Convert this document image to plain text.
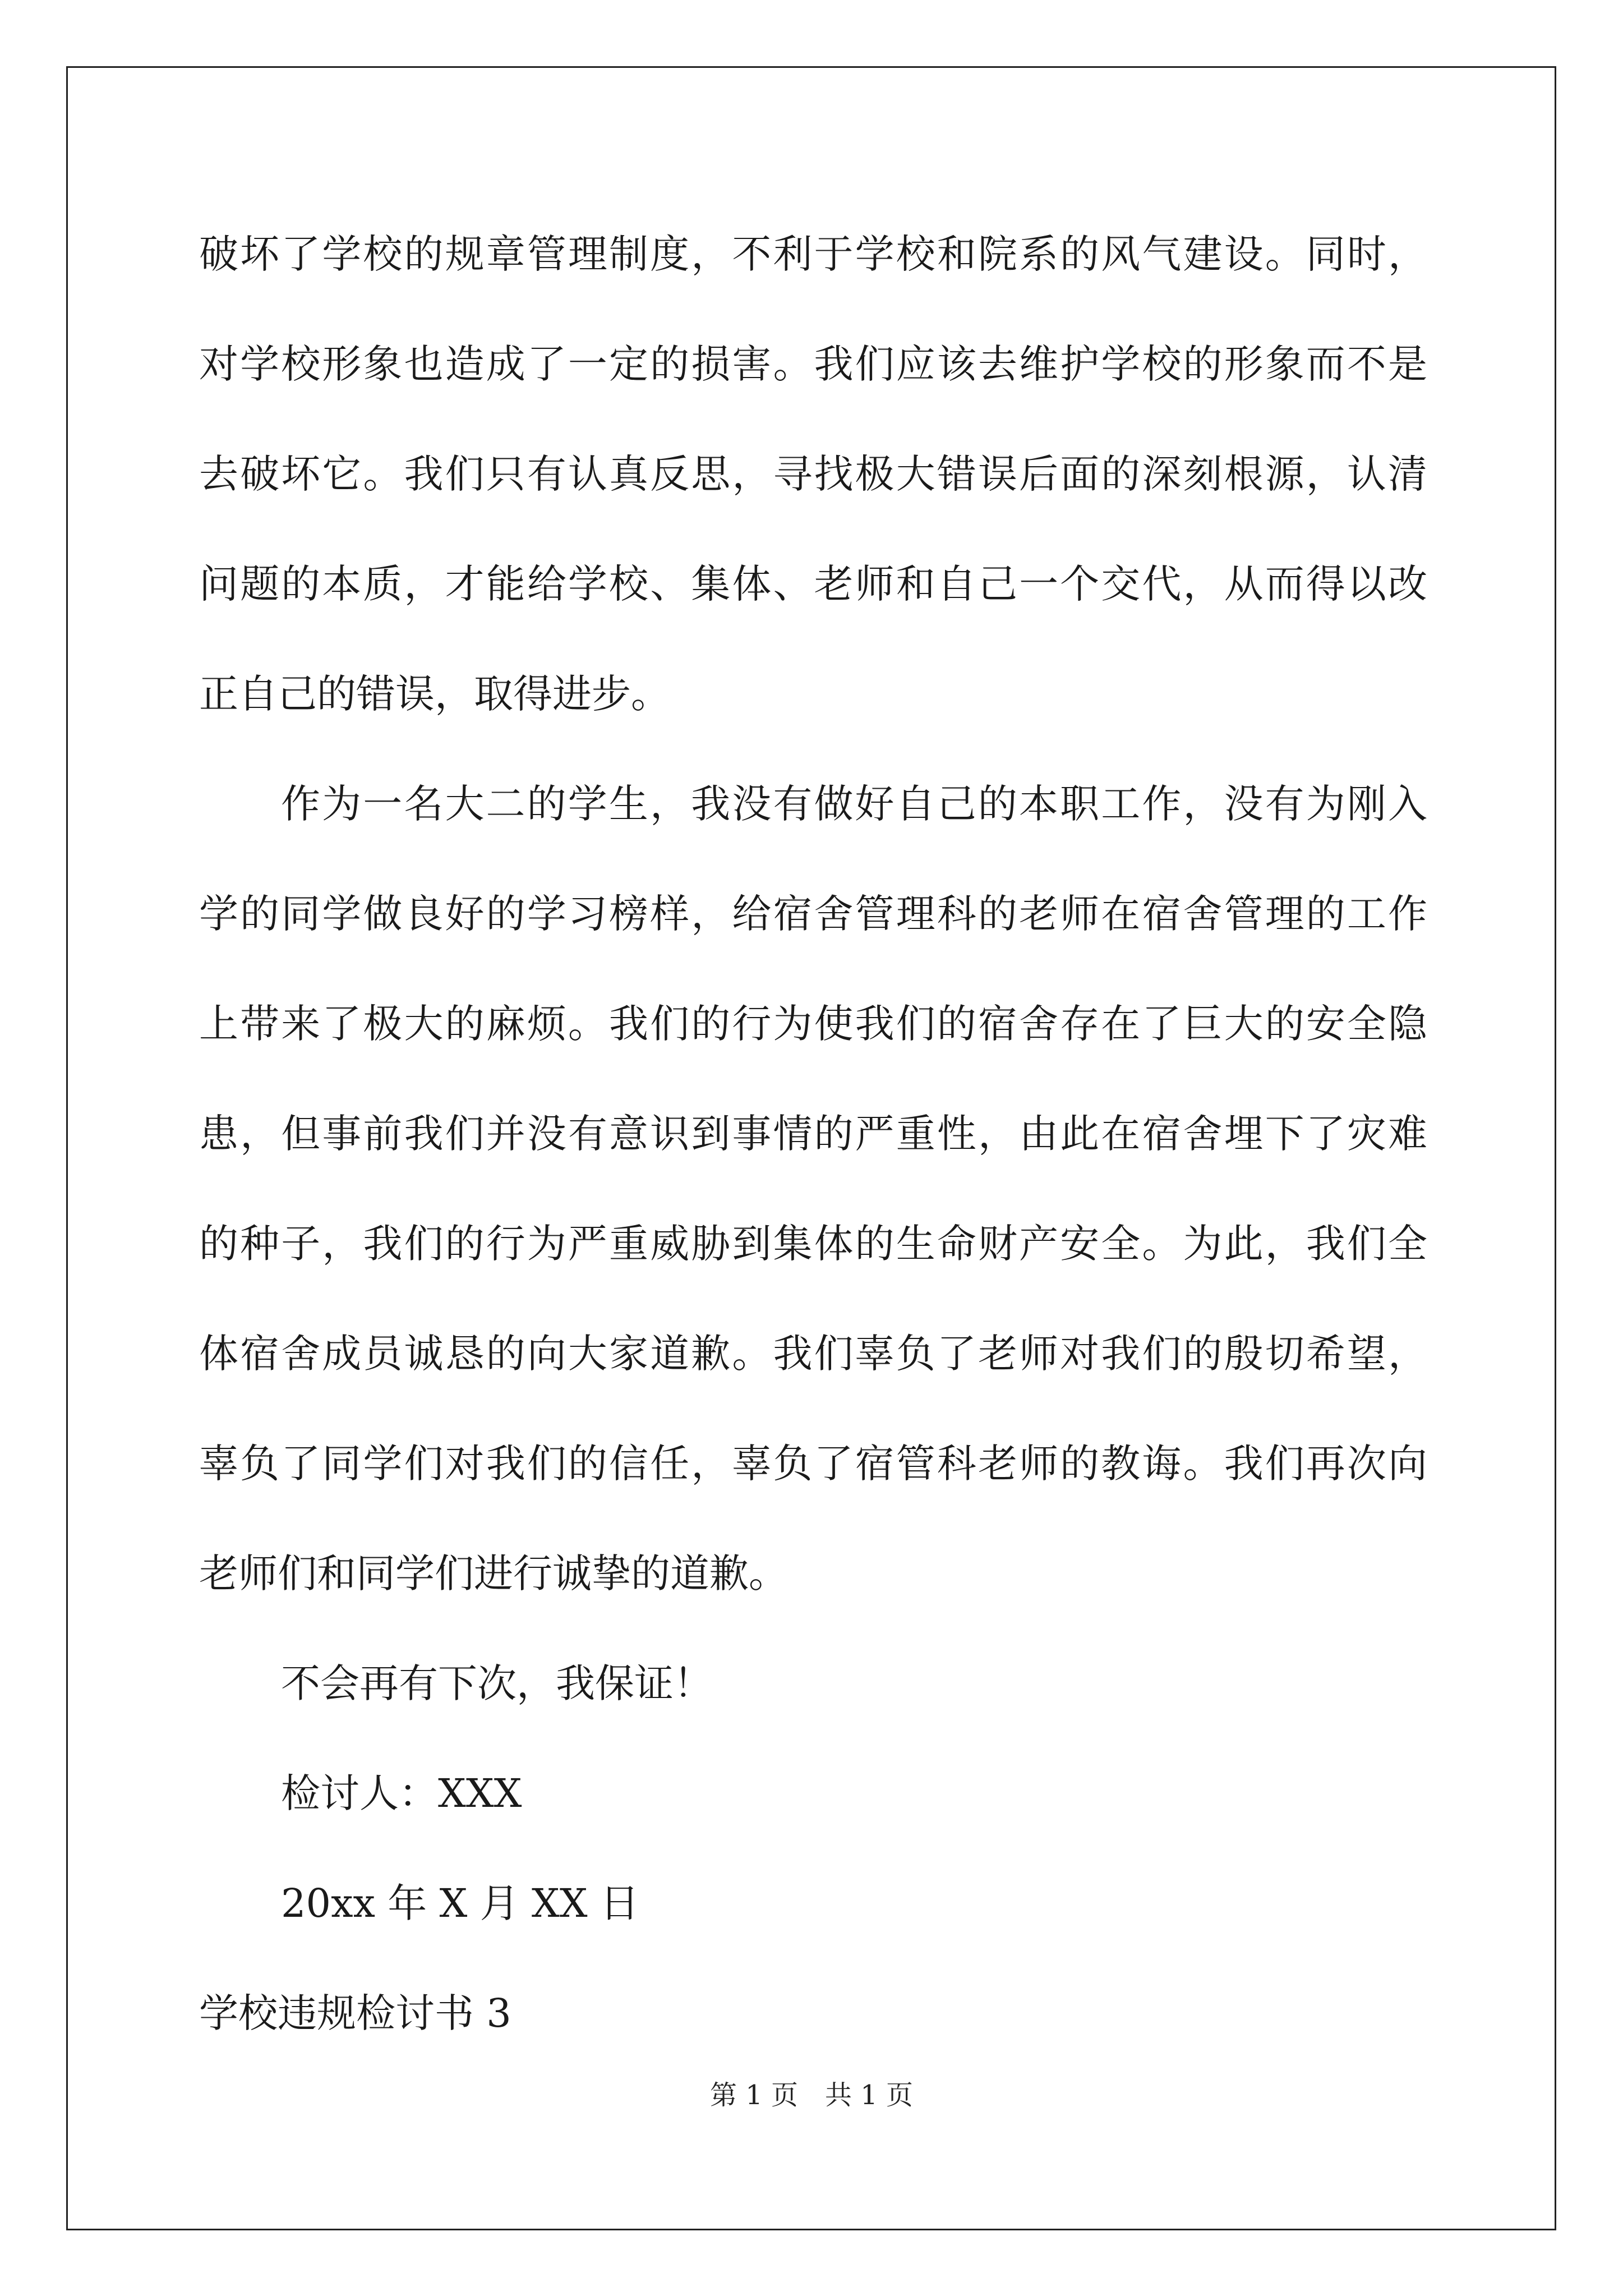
破坏了学校的规章管理制度，不利于学校和院系的风气建设。同时，
对学校形象也造成了一定的损害。我们应该去维护学校的形象而不是
去破坏它。我们只有认真反思，寻找极大错误后面的深刻根源，认清
问题的本质，才能给学校、集体、老师和自己一个交代，从而得以改
正自己的错误，取得进步。
作为一名大二的学生，我没有做好自己的本职工作，没有为刚入
学的同学做良好的学习榜样，给宿舍管理科的老师在宿舍管理的工作
上带来了极大的麻烦。我们的行为使我们的宿舍存在了巨大的安全隐
患，但事前我们并没有意识到事情的严重性，由此在宿舍埋下了灾难
的种子，我们的行为严重威胁到集体的生命财产安全。为此，我们全
体宿舍成员诚恳的向大家道歉。我们辜负了老师对我们的殷切希望，
辜负了同学们对我们的信任，辜负了宿管科老师的教诲。我们再次向
老师们和同学们进行诚挚的道歉。
不会再有下次，我保证！
检讨人：XXX
20xx 年 X 月 XX 日
学校违规检讨书 3
第 1 页 共 1 页
